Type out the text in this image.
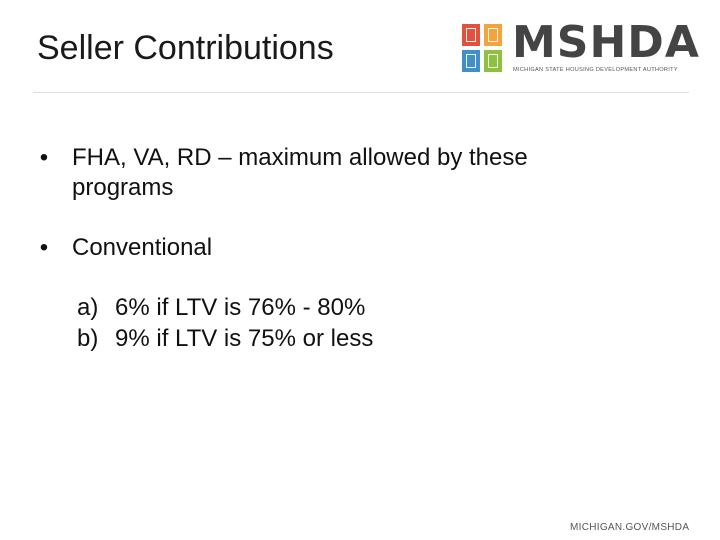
Seller Contributions	MSHDA
MICHIGAN STATE HOUSING DEVELOPMENT AUTHORITY
• FHA, VA, RD – maximum allowed by these programs
• Conventional
a) 6% if LTV is 76% - 80%
b) 9% if LTV is 75% or less
MICHIGAN.GOV/MSHDA
